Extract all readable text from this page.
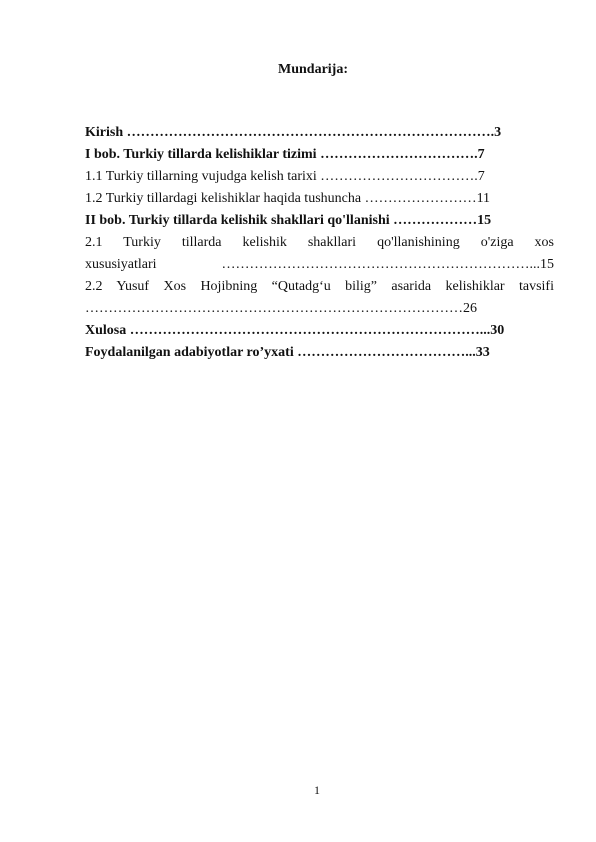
Mundarija:
Kirish …………………………………………………………………….3
I bob. Turkiy tillarda kelishiklar tizimi …………………………….7
1.1 Turkiy tillarning vujudga kelish tarixi …………………………….7
1.2 Turkiy tillardagi kelishiklar haqida tushuncha ……………………11
II bob. Turkiy tillarda kelishik shakllari qo'llanishi ………………15
2.1 Turkiy tillarda kelishik shakllari qo'llanishining o'ziga xos
xususiyatlari …………………………………………………………...15
2.2 Yusuf Xos Hojibning “Qutadg‘u bilig” asarida kelishiklar tavsifi
………………………………………………………………………26
Xulosa …………………………………………………………………...30
Foydalanilgan adabiyotlar ro’yxati ………………………………...33

1
